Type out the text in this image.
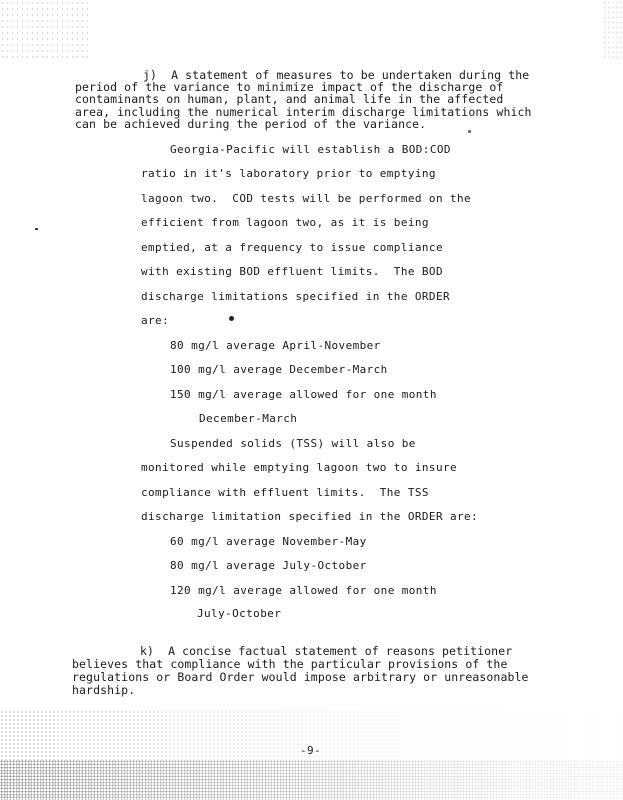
j)  A statement of measures to be undertaken during the
period of the variance to minimize impact of the discharge of
contaminants on human, plant, and animal life in the affected
area, including the numerical interim discharge limitations which
can be achieved during the period of the variance.
Georgia-Pacific will establish a BOD:COD
ratio in it's laboratory prior to emptying
lagoon two.  COD tests will be performed on the
efficient from lagoon two, as it is being
emptied, at a frequency to issue compliance
with existing BOD effluent limits.  The BOD
discharge limitations specified in the ORDER
are:
80 mg/l average April-November
100 mg/l average December-March
150 mg/l average allowed for one month
December-March
Suspended solids (TSS) will also be
monitored while emptying lagoon two to insure
compliance with effluent limits.  The TSS
discharge limitation specified in the ORDER are:
60 mg/l average November-May
80 mg/l average July-October
120 mg/l average allowed for one month
July-October
k)  A concise factual statement of reasons petitioner
believes that compliance with the particular provisions of the
regulations or Board Order would impose arbitrary or unreasonable
hardship.
-9-
